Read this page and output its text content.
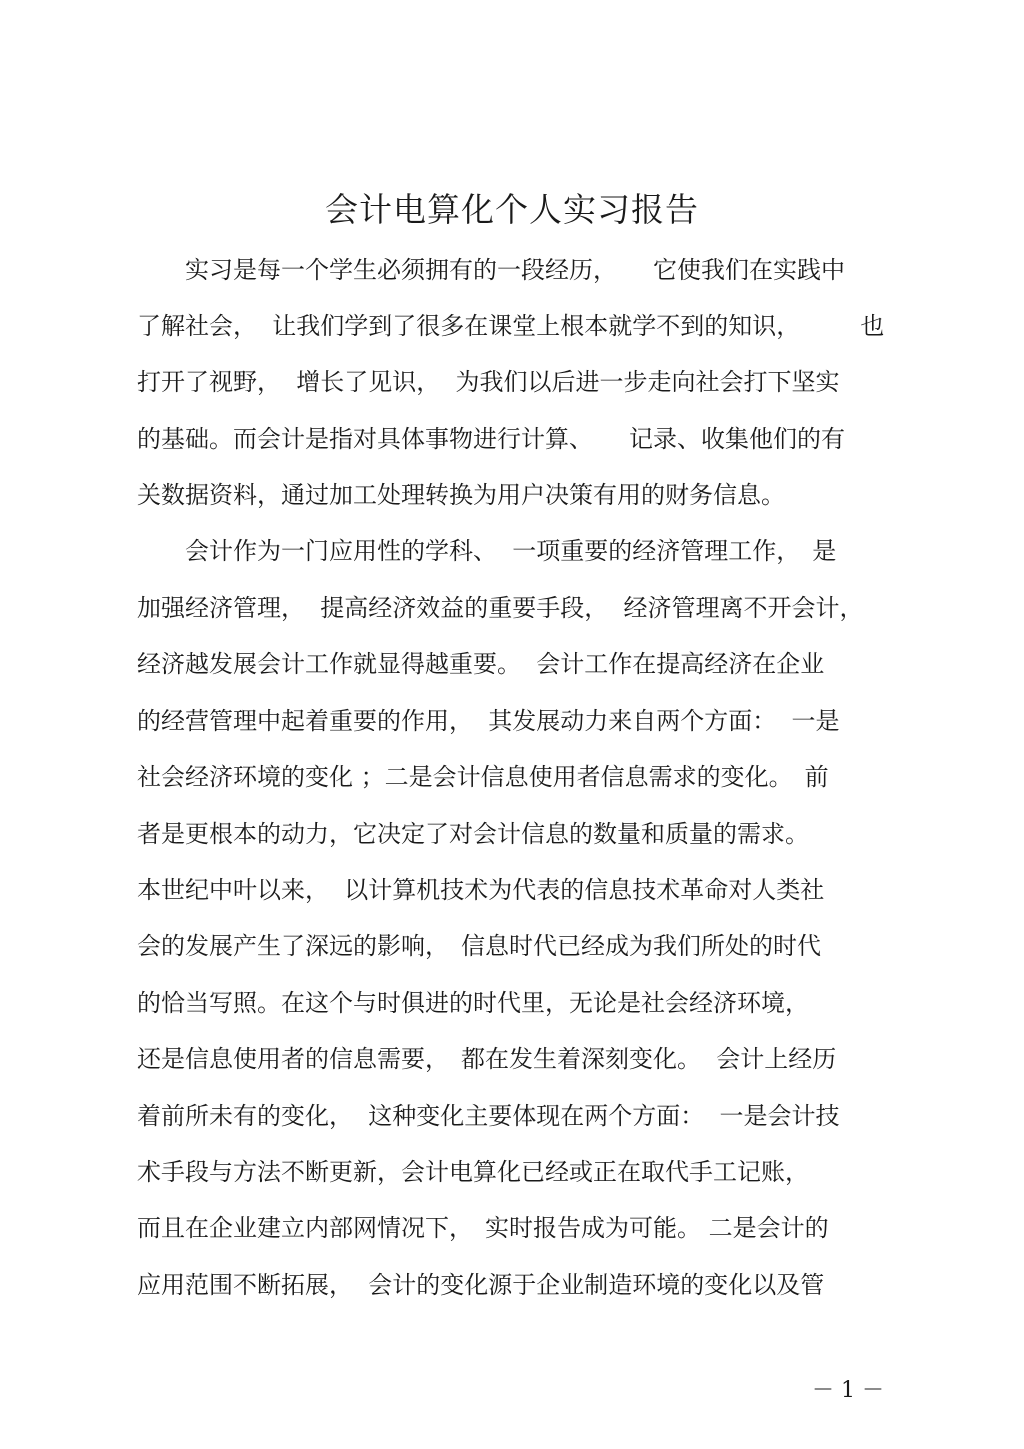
会计电算化个人实习报告

　　实习是每一个学生必须拥有的一段经历，　　它使我们在实践中

了解社会，  让我们学到了很多在课堂上根本就学不到的知识，　　　也

打开了视野，  增长了见识，  为我们以后进一步走向社会打下坚实

的基础。而会计是指对具体事物进行计算、　　记录、收集他们的有

关数据资料，通过加工处理转换为用户决策有用的财务信息。

　　会计作为一门应用性的学科、  一项重要的经济管理工作，　是

加强经济管理，  提高经济效益的重要手段，  经济管理离不开会计，

经济越发展会计工作就显得越重要。  会计工作在提高经济在企业

的经营管理中起着重要的作用，  其发展动力来自两个方面：  一是

社会经济环境的变化 ；二是会计信息使用者信息需求的变化。　前

者是更根本的动力，它决定了对会计信息的数量和质量的需求。

本世纪中叶以来，  以计算机技术为代表的信息技术革命对人类社

会的发展产生了深远的影响，　信息时代已经成为我们所处的时代

的恰当写照。在这个与时俱进的时代里，无论是社会经济环境，

还是信息使用者的信息需要，　都在发生着深刻变化。  会计上经历

着前所未有的变化，  这种变化主要体现在两个方面：  一是会计技

术手段与方法不断更新，会计电算化已经或正在取代手工记账，

而且在企业建立内部网情况下，　实时报告成为可能。 二是会计的

应用范围不断拓展，  会计的变化源于企业制造环境的变化以及管

－ 1 －
